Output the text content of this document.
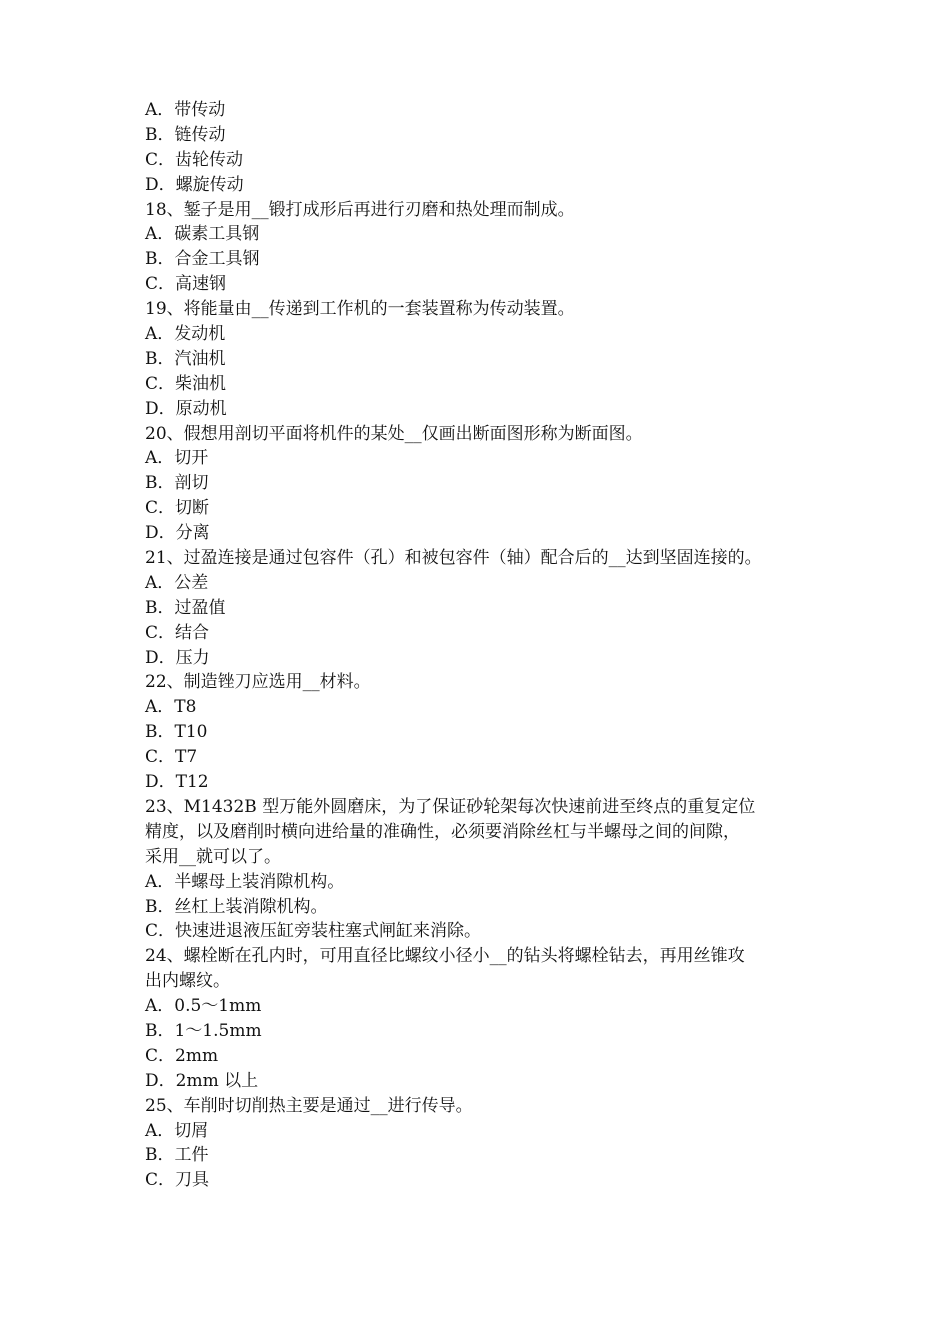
A．带传动
B．链传动
C．齿轮传动
D．螺旋传动
18、錾子是用__锻打成形后再进行刃磨和热处理而制成。
A．碳素工具钢
B．合金工具钢
C．高速钢
19、将能量由__传递到工作机的一套装置称为传动装置。
A．发动机
B．汽油机
C．柴油机
D．原动机
20、假想用剖切平面将机件的某处__仅画出断面图形称为断面图。
A．切开
B．剖切
C．切断
D．分离
21、过盈连接是通过包容件（孔）和被包容件（轴）配合后的__达到坚固连接的。
A．公差
B．过盈值
C．结合
D．压力
22、制造锉刀应选用__材料。
A．T8
B．T10
C．T7
D．T12
23、M1432B 型万能外圆磨床，为了保证砂轮架每次快速前进至终点的重复定位
精度，以及磨削时横向进给量的准确性，必须要消除丝杠与半螺母之间的间隙，
采用__就可以了。
A．半螺母上装消隙机构。
B．丝杠上装消隙机构。
C．快速进退液压缸旁装柱塞式闸缸来消除。
24、螺栓断在孔内时，可用直径比螺纹小径小__的钻头将螺栓钻去，再用丝锥攻
出内螺纹。
A．0.5～1mm
B．1～1.5mm
C．2mm
D．2mm 以上
25、车削时切削热主要是通过__进行传导。
A．切屑
B．工件
C．刀具
